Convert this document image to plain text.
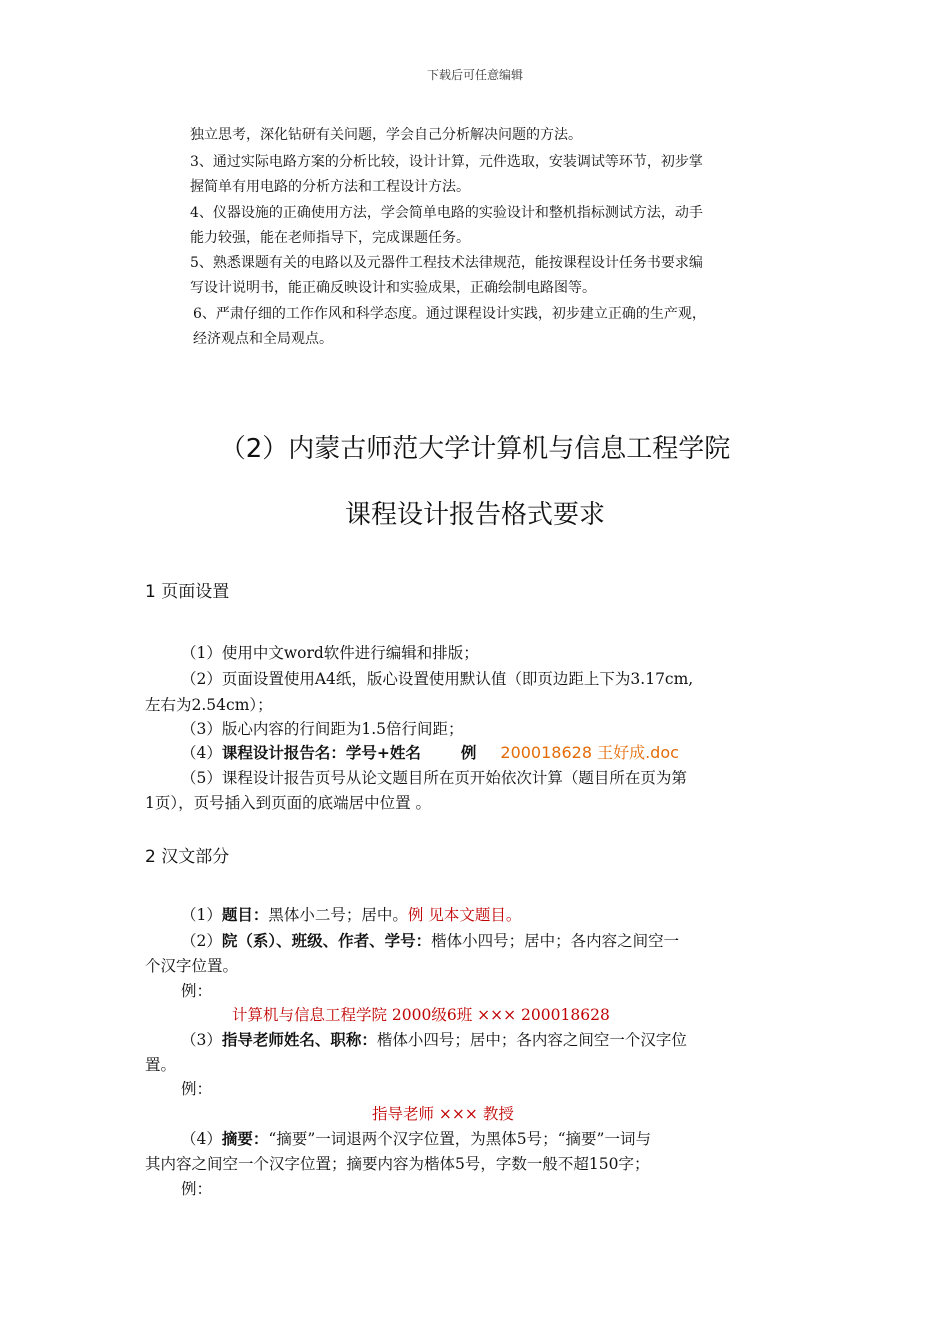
下载后可任意编辑
独立思考，深化钻研有关问题，学会自己分析解决问题的方法。
3、通过实际电路方案的分析比较，设计计算，元件选取，安装调试等环节，初步掌
握简单有用电路的分析方法和工程设计方法。
4、仪器设施的正确使用方法，学会简单电路的实验设计和整机指标测试方法，动手
能力较强，能在老师指导下，完成课题任务。
5、熟悉课题有关的电路以及元器件工程技术法律规范，能按课程设计任务书要求编
写设计说明书，能正确反映设计和实验成果，正确绘制电路图等。
6、严肃仔细的工作作风和科学态度。通过课程设计实践，初步建立正确的生产观，
经济观点和全局观点。
（2）内蒙古师范大学计算机与信息工程学院
课程设计报告格式要求
1 页面设置
（1）使用中文word软件进行编辑和排版；
（2）页面设置使用A4纸，版心设置使用默认值（即页边距上下为3.17cm,
左右为2.54cm）；
（3）版心内容的行间距为1.5倍行间距；
（4）课程设计报告名：学号+姓名	例 200018628 王好成.doc
（5）课程设计报告页号从论文题目所在页开始依次计算（题目所在页为第
1页），页号插入到页面的底端居中位置 。
2 汉文部分
（1）题目：黑体小二号；居中。例 见本文题目。
（2）院（系）、班级、作者、学号：楷体小四号；居中；各内容之间空一
个汉字位置。
例：
计算机与信息工程学院 2000级6班 ××× 200018628
（3）指导老师姓名、职称：楷体小四号；居中；各内容之间空一个汉字位
置。
例：
指导老师 ××× 教授
（4）摘要：“摘要”一词退两个汉字位置，为黑体5号；“摘要”一词与
其内容之间空一个汉字位置；摘要内容为楷体5号，字数一般不超150字；
例：
